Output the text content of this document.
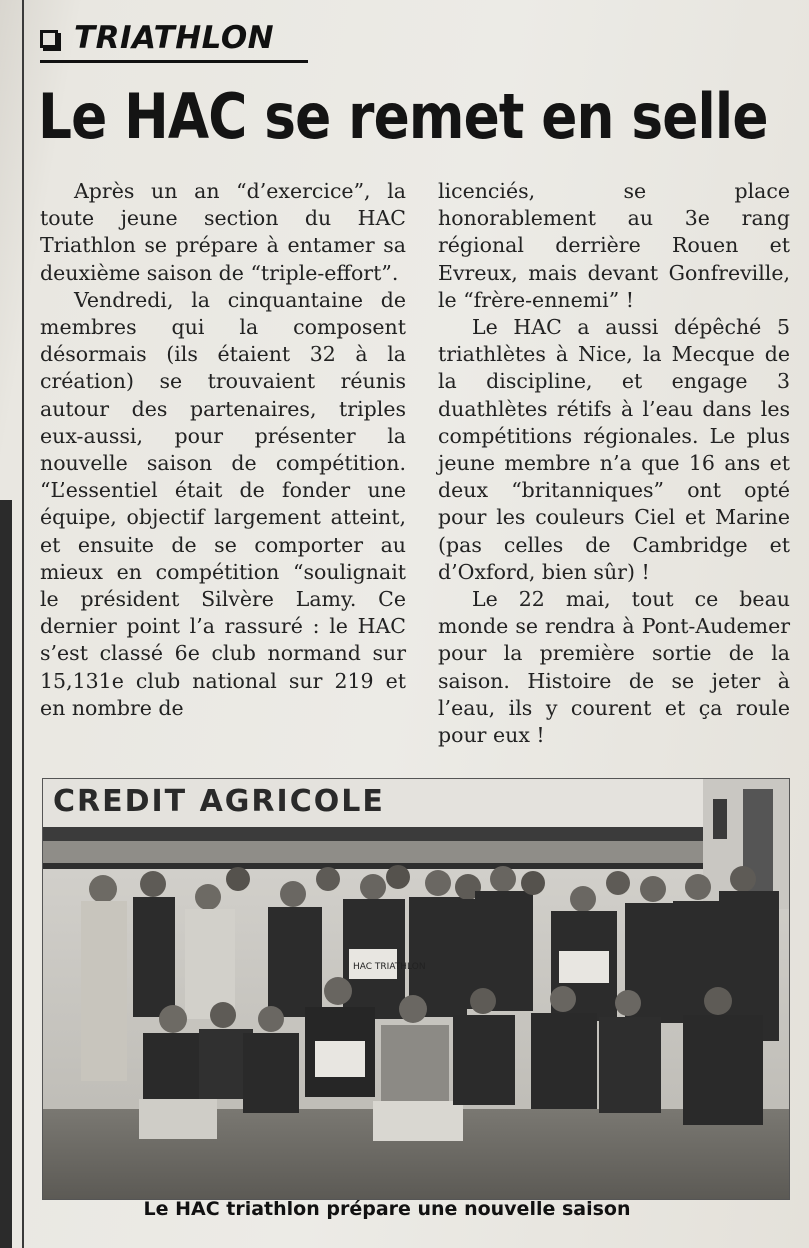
TRIATHLON
Le HAC se remet en selle

Après un an “d’exercice”, la toute jeune section du HAC Triathlon se prépare à entamer sa deuxième saison de “triple-effort”.

Vendredi, la cinquantaine de membres qui la composent désormais (ils étaient 32 à la création) se trouvaient réunis autour des partenaires, triples eux-aussi, pour présenter la nouvelle saison de compétition. “L’essentiel était de fonder une équipe, objectif largement atteint, et ensuite de se comporter au mieux en compétition “soulignait le président Silvère Lamy. Ce dernier point l’a rassuré : le HAC s’est classé 6e club normand sur 15,131e club national sur 219 et en nombre de

licenciés, se place honorablement au 3e rang régional derrière Rouen et Evreux, mais devant Gonfreville, le “frère-ennemi” !

Le HAC a aussi dépêché 5 triathlètes à Nice, la Mecque de la discipline, et engage 3 duathlètes rétifs à l’eau dans les compétitions régionales. Le plus jeune membre n’a que 16 ans et deux “britanniques” ont opté pour les couleurs Ciel et Marine (pas celles de Cambridge et d’Oxford, bien sûr) !

Le 22 mai, tout ce beau monde se rendra à Pont-Audemer pour la première sortie de la saison. Histoire de se jeter à l’eau, ils y courent et ça roule pour eux !

CREDIT AGRICOLE
HAC TRIATHLON
Le HAC triathlon prépare une nouvelle saison
